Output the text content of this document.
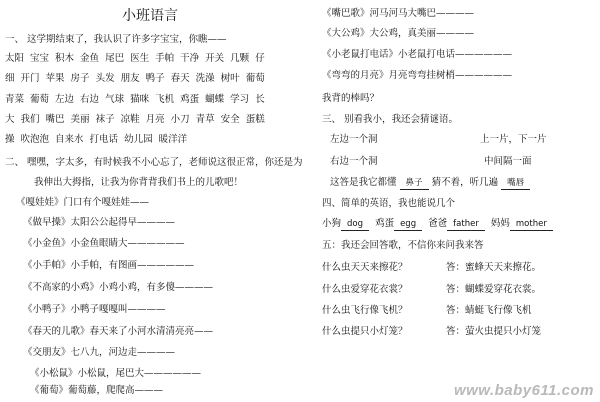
小班语言
一、 这学期结束了，我认识了许多字宝宝，你瞧——
太阳 宝宝 积木 金鱼 尾巴 医生 手帕 干净 开关 几颗 仔
细 开门 苹果 房子 头发 朋友 鸭子 春天 洗澡 树叶 葡萄
青菜 葡萄 左边 右边 气球 猫咪 飞机 鸡蛋 蝴蝶 学习 长
大 我们 嘴巴 美丽 袜子 凉鞋 月亮 小刀 青草 安全 蛋糕
操 吹泡泡 自来水 打电话 幼儿园 暖洋洋
二、 嘿嘿，字太多，有时候我不小心忘了，老师说这很正常，你还是为
我伸出大拇指，让我为你背背我们书上的儿歌吧！
《嘎娃娃》门口有个嘎娃娃——
《做早操》太阳公公起得早————
《小金鱼》小金鱼眼睛大——————
《小手帕》小手帕，有图画——————
《不高家的小鸡》小鸡小鸡，有多傻————
《小鸭子》小鸭子嘎嘎叫————
《春天的儿歌》春天来了小河水清清亮亮——
《交朋友》七八九，河边走————
《小松鼠》小松鼠，尾巴大——————
《葡萄》葡萄藤，爬爬高———
《嘴巴歌》河马河马大嘴巴————
《大公鸡》大公鸡，真美丽————
《小老鼠打电话》小老鼠打电话——————
《弯弯的月亮》月亮弯弯挂树梢——————
我背的棒吗？
三、 别看我小，我还会猜谜语。
左边一个洞	上一片，下一片
右边一个洞	中间隔一面
这答是我它都懂 鼻子 猜不着，听几遍 嘴唇
四、简单的英语，我也能说几个
小狗 dog 鸡蛋 egg 爸爸 father 妈妈 mother
五：我还会回答歌，不信你来问我来答
什么虫天天来擦花？	答：蜜蜂天天来擦花。
什么虫爱穿花衣裳？	答：蝴蝶爱穿花衣裳。
什么虫飞行像飞机？	答：蜻蜓飞行像飞机
什么虫提只小灯笼？	答：萤火虫提只小灯笼
www.baby611.com
